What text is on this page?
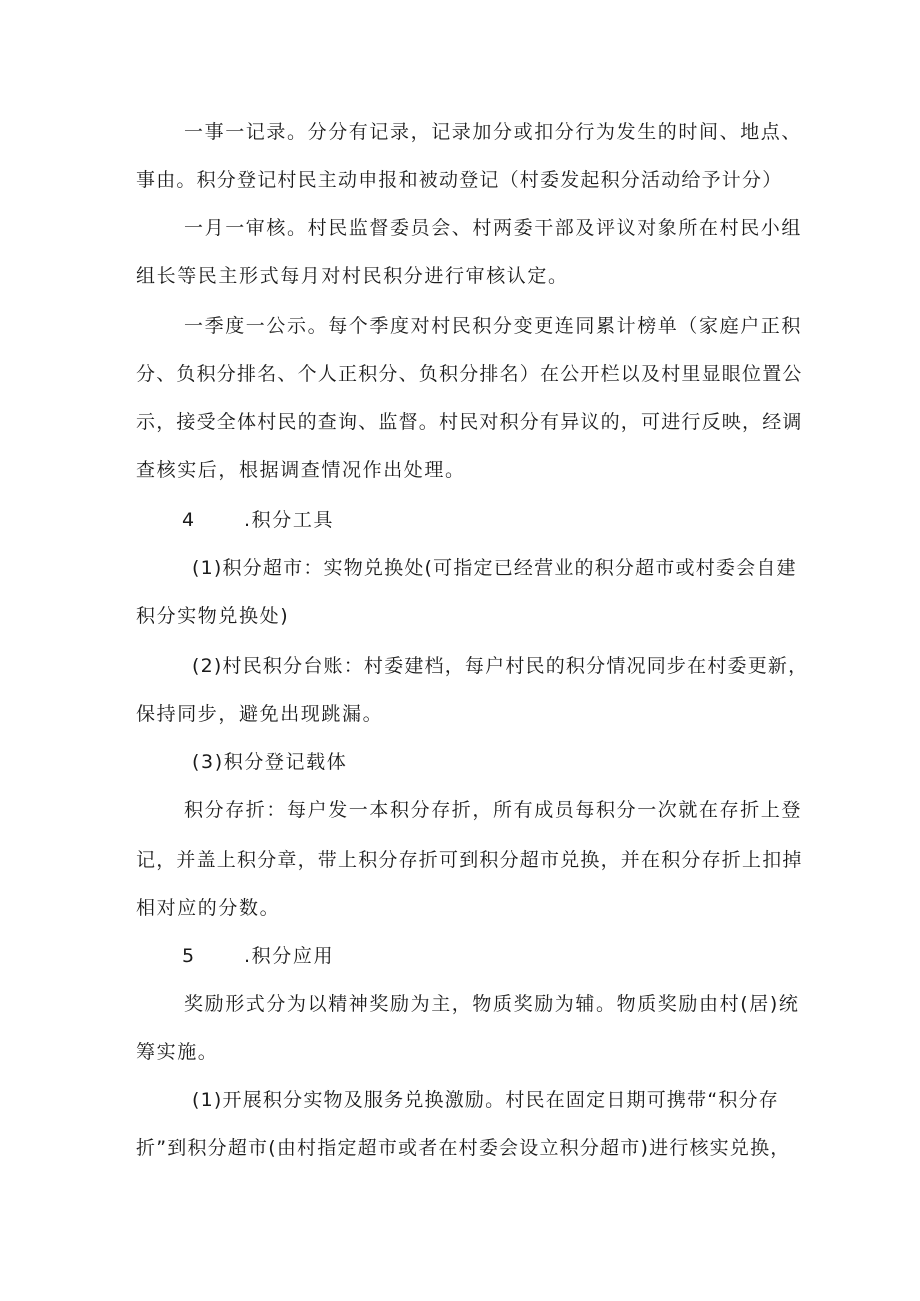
一事一记录。分分有记录，记录加分或扣分行为发生的时间、地点、
事由。积分登记村民主动申报和被动登记（村委发起积分活动给予计分）
一月一审核。村民监督委员会、村两委干部及评议对象所在村民小组
组长等民主形式每月对村民积分进行审核认定。
一季度一公示。每个季度对村民积分变更连同累计榜单（家庭户正积
分、负积分排名、个人正积分、负积分排名）在公开栏以及村里显眼位置公
示，接受全体村民的查询、监督。村民对积分有异议的，可进行反映，经调
查核实后，根据调查情况作出处理。
4	.积分工具
(1)积分超市：实物兑换处(可指定已经营业的积分超市或村委会自建
积分实物兑换处)
(2)村民积分台账：村委建档，每户村民的积分情况同步在村委更新，
保持同步，避免出现跳漏。
(3)积分登记载体
积分存折：每户发一本积分存折，所有成员每积分一次就在存折上登
记，并盖上积分章，带上积分存折可到积分超市兑换，并在积分存折上扣掉
相对应的分数。
5	.积分应用
奖励形式分为以精神奖励为主，物质奖励为辅。物质奖励由村(居)统
筹实施。
(1)开展积分实物及服务兑换激励。村民在固定日期可携带“积分存
折”到积分超市(由村指定超市或者在村委会设立积分超市)进行核实兑换，
